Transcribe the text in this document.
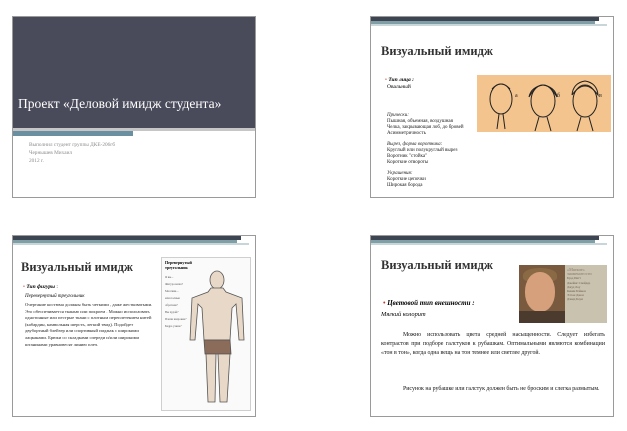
Проект «Деловой имидж студента»
Выполнил студент группы ДКЕ-206гб
Чернышев Михаил
2012 г.
Визуальный имидж
• Тип лица :
Овальный
a	б	в
Прически:
Пышная, объемная, воздушная
Челка, закрывающая лоб, до бровей
Асимметричность
Вырез, форма воротника:
Круглый или полукруглый вырез
Воротник "стойка"
Короткие отвороты
Украшения:
Короткие цепочки
Широкая борода
Визуальный имидж
• Тип фигуры :
Перевернутый треугольник
Очертание костюма должны быть четкими , даже жестковатыми. Это обеспечивается тканью или покроем . Можно использовать однотонные или пестрые ткани с плотным переплетением нитей (кабардин, камвольная шерсть, легкий твид). Подойдет двубортный блейзер или спортивный пиджак с широкими лацканами. Брюки со складками спереди и/или широкими штанинами уравновесят линию плеч.
Перевернутый треугольник
Я вы...
Фигура ваша?
Массивн...
или полные
обратная?
Вы худой?
Плечи широкие?
Бедра узкие?
Визуальный имидж	«Мягкие» знаменитости
Брэд Питт
Джеймс Спейдер
Джуд Лоу
Кевин Бэйкон
Элтон Джон
Дэвид Боуи
• Цветовой тип внешности :
Мягкий колорит
Можно использовать цвета средней насыщенности. Следует избегать контрастов при подборе галстуков к рубашкам. Оптимальными являются комбинации «тон в тон», когда одна вещь на тон темнее или светлее другой.
Рисунок на рубашке или галстук должен быть не броским и слегка размытым.
